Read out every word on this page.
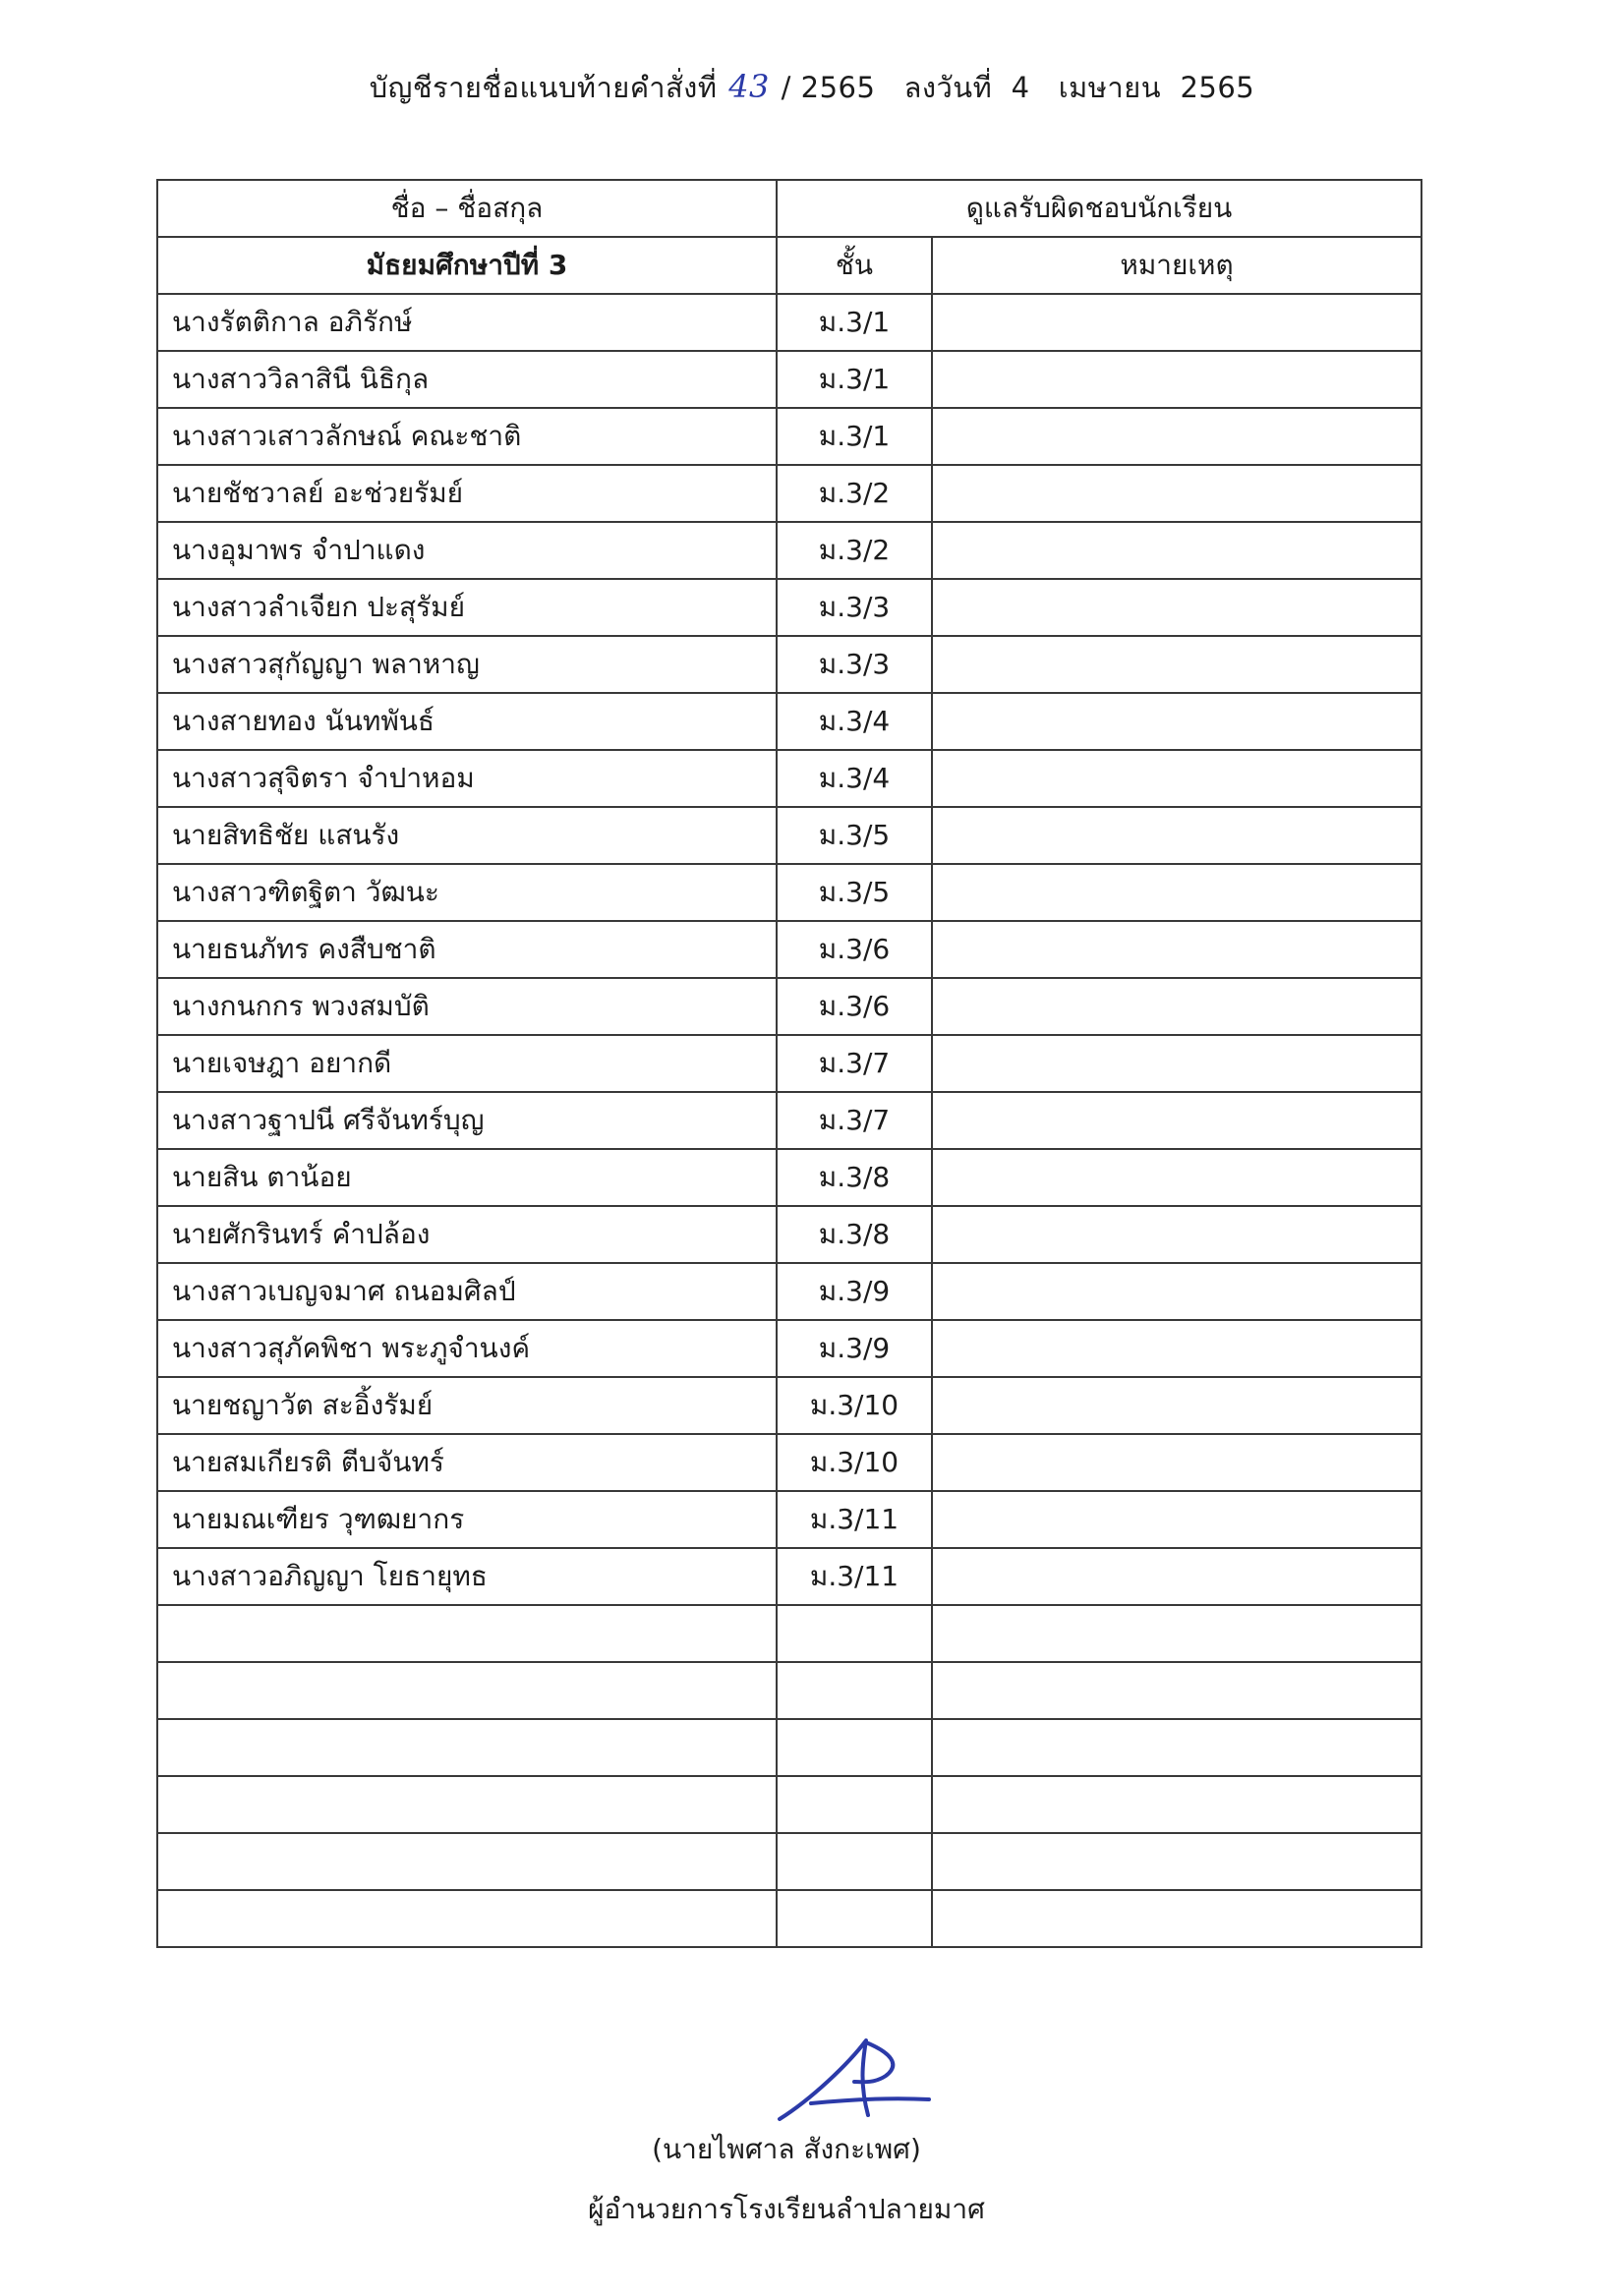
บัญชีรายชื่อแนบท้ายคำสั่งที่ 43 / 2565   ลงวันที่  4   เมษายน  2565
ชื่อ – ชื่อสกุล	ดูแลรับผิดชอบนักเรียน	
มัธยมศึกษาปีที่ 3	ชั้น	หมายเหตุ
นางรัตติกาล อภิรักษ์	ม.3/1	
นางสาววิลาสินี นิธิกุล	ม.3/1	
นางสาวเสาวลักษณ์ คณะชาติ	ม.3/1	
นายชัชวาลย์ อะช่วยรัมย์	ม.3/2	
นางอุมาพร จำปาแดง	ม.3/2	
นางสาวลำเจียก ปะสุรัมย์	ม.3/3	
นางสาวสุกัญญา พลาหาญ	ม.3/3	
นางสายทอง นันทพันธ์	ม.3/4	
นางสาวสุจิตรา จำปาหอม	ม.3/4	
นายสิทธิชัย แสนรัง	ม.3/5	
นางสาวฑิตฐิตา วัฒนะ	ม.3/5	
นายธนภัทร คงสืบชาติ	ม.3/6	
นางกนกกร พวงสมบัติ	ม.3/6	
นายเจษฎา อยากดี	ม.3/7	
นางสาวฐาปนี ศรีจันทร์บุญ	ม.3/7	
นายสิน ตาน้อย	ม.3/8	
นายศักรินทร์ คำปล้อง	ม.3/8	
นางสาวเบญจมาศ ถนอมศิลป์	ม.3/9	
นางสาวสุภัคพิชา พระภูจำนงค์	ม.3/9	
นายชญาวัต สะอิ้งรัมย์	ม.3/10	
นายสมเกียรติ ตีบจันทร์	ม.3/10	
นายมณเฑียร วุฑฒยากร	ม.3/11	
นางสาวอภิญญา โยธายุทธ	ม.3/11	

(นายไพศาล สังกะเพศ)
ผู้อำนวยการโรงเรียนลำปลายมาศ
